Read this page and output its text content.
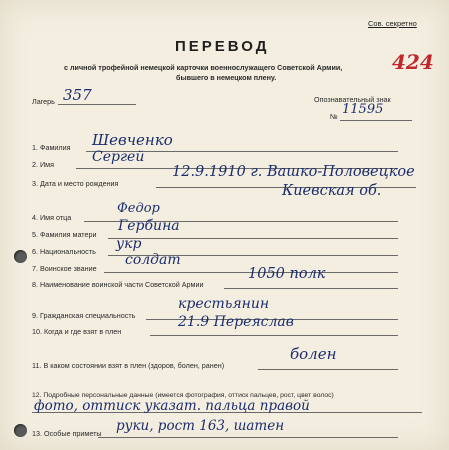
Сов. секретно
ПЕРЕВОД
с личной трофейной немецкой карточки военнослужащего Советской Армии,
бывшего в немецком плену.
424
Лагерь 357	Опознавательный знак
№ 11595
1. Фамилия Шевченко
2. Имя	Сергей
3. Дата и место рождения
12.9.1910 г. Вашко-Половецкое
Киевская об.
4. Имя отца
Федор
5. Фамилия матери
Гербина
6. Национальность укр
7. Воинское звание
солдат
8. Наименование воинской части Советской Армии
1050 полк
9. Гражданская специальность
крестьянин
10. Когда и где взят в плен
21.9 Переяслав
11. В каком состоянии взят в плен (здоров, болен, ранен)
болен
12. Подробные персональные данные (имеется фотография, оттиск пальцев, рост, цвет волос)
фото, оттиск указат. пальца правой
13. Особые приметы руки, рост 163, шатен
